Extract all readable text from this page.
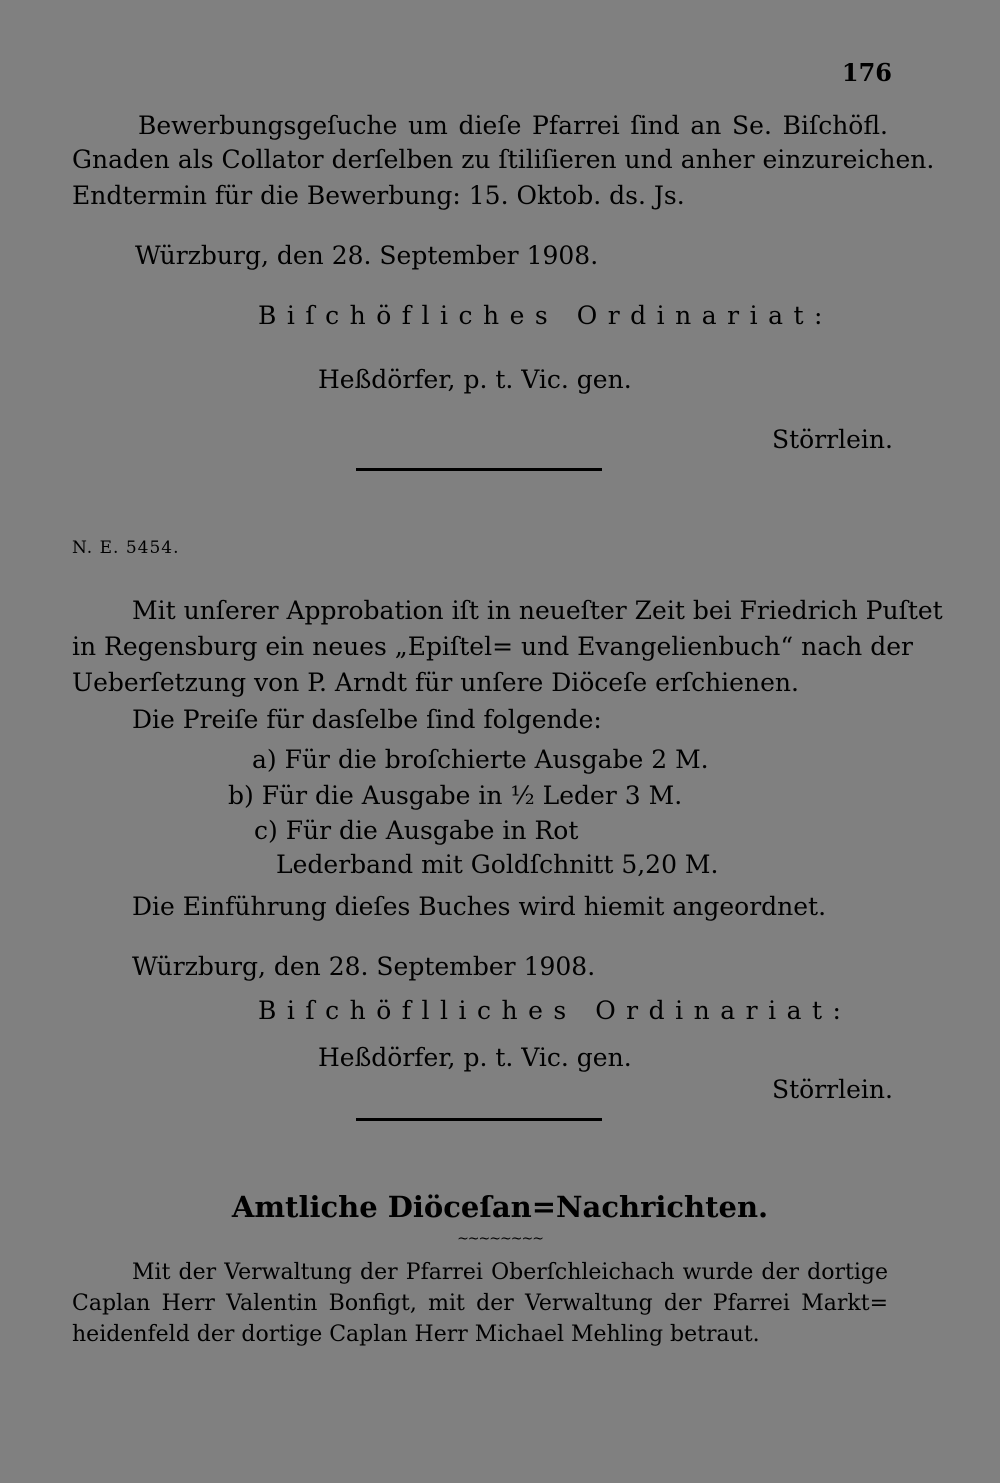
176
Bewerbungsgeſuche um dieſe Pfarrei ſind an Se. Biſchöfl.
Gnaden als Collator derſelben zu ſtiliſieren und anher einzureichen.
Endtermin für die Bewerbung: 15. Oktob. ds. Js.
Würzburg, den 28. September 1908.
Biſchöfliches Ordinariat:
Heßdörfer, p. t. Vic. gen.
Störrlein.
N. E. 5454.
Mit unſerer Approbation iſt in neueſter Zeit bei Friedrich Puſtet
in Regensburg ein neues „Epiſtel= und Evangelienbuch“ nach der
Ueberſetzung von P. Arndt für unſere Diöceſe erſchienen.
Die Preiſe für dasſelbe ſind folgende:
a) Für die broſchierte Ausgabe 2 M.
b) Für die Ausgabe in ½ Leder 3 M.
c) Für die Ausgabe in Rot
Lederband mit Goldſchnitt 5,20 M.
Die Einführung dieſes Buches wird hiemit angeordnet.
Würzburg, den 28. September 1908.
Biſchöflliches Ordinariat:
Heßdörfer, p. t. Vic. gen.
Störrlein.
Amtliche Diöceſan=Nachrichten.
~~~~~~~~
Mit der Verwaltung der Pfarrei Oberſchleichach wurde der dortige
Caplan Herr Valentin Bonfigt, mit der Verwaltung der Pfarrei Markt=
heidenfeld der dortige Caplan Herr Michael Mehling betraut.
